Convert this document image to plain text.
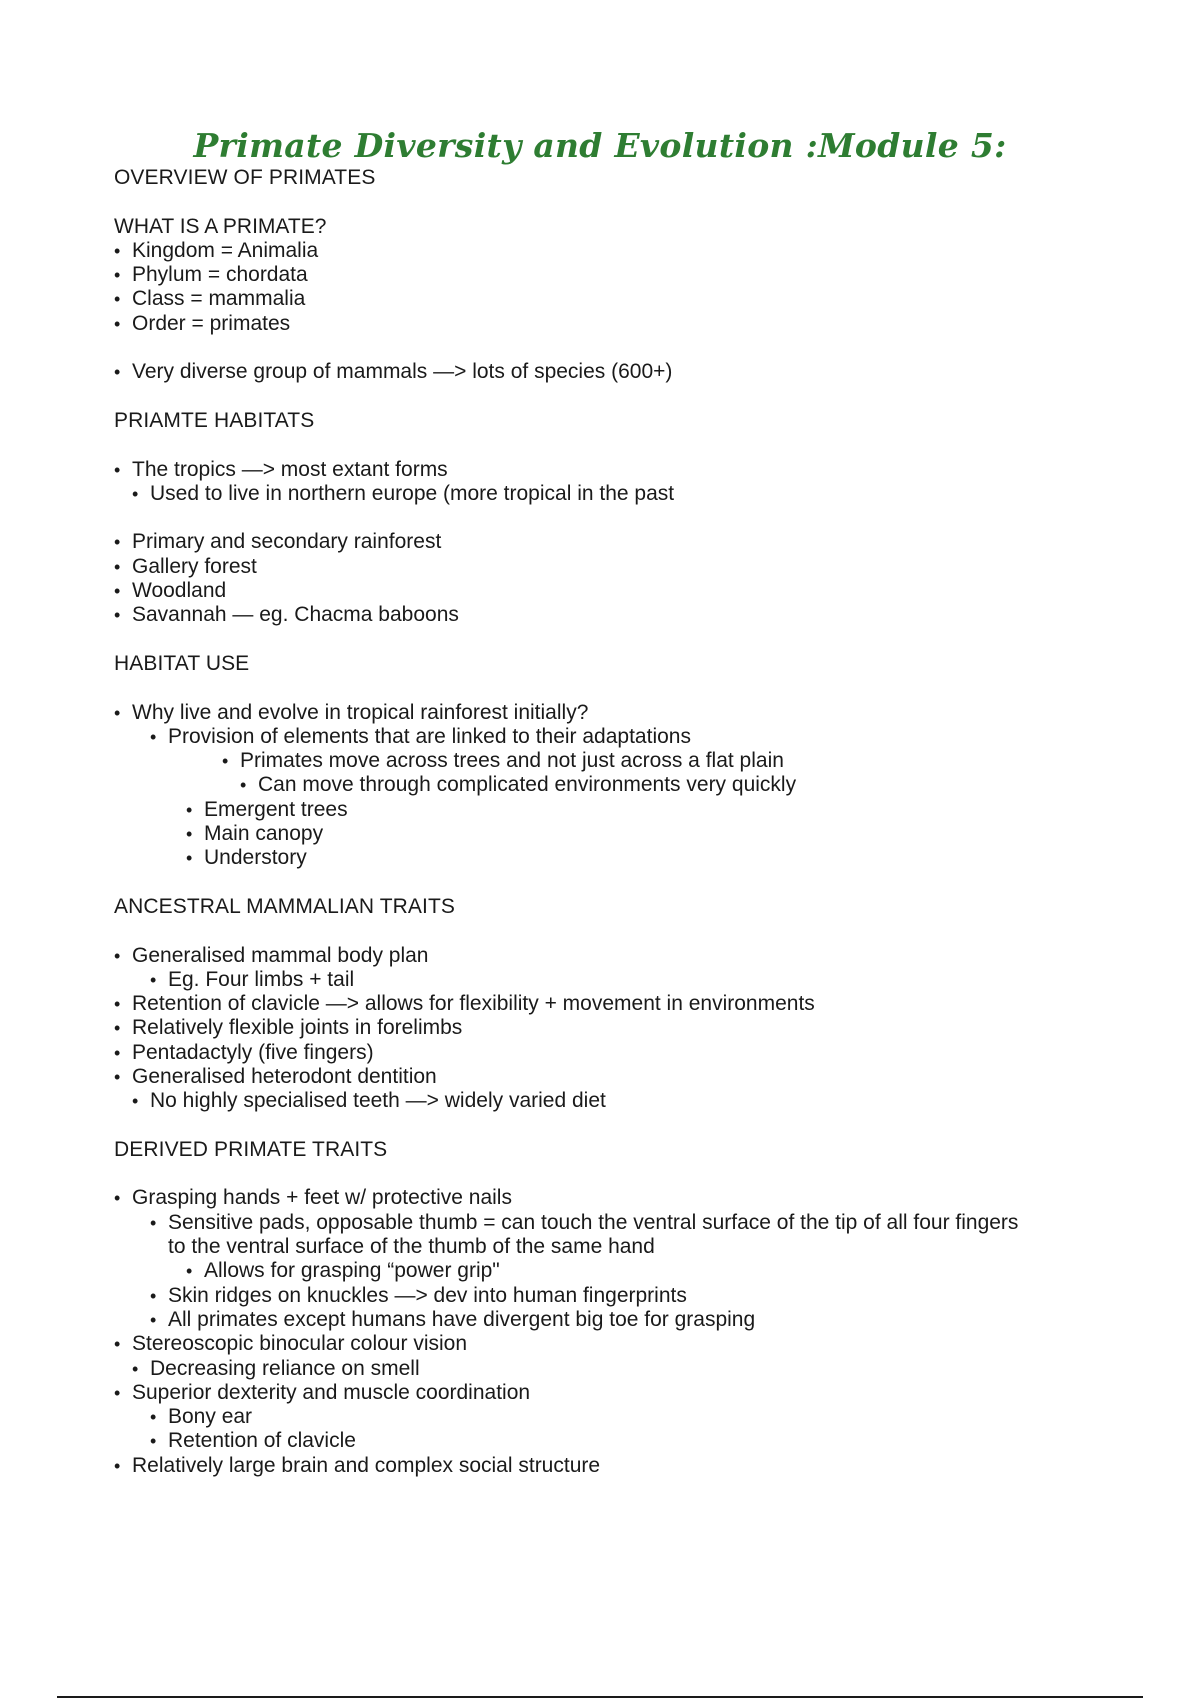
Primate Diversity and Evolution :Module 5:
OVERVIEW OF PRIMATES
WHAT IS A PRIMATE?
• Kingdom = Animalia
• Phylum = chordata
• Class = mammalia
• Order = primates
• Very diverse group of mammals —> lots of species (600+)
PRIAMTE HABITATS
• The tropics —> most extant forms
• Used to live in northern europe (more tropical in the past
• Primary and secondary rainforest
• Gallery forest
• Woodland
• Savannah — eg. Chacma baboons
HABITAT USE
• Why live and evolve in tropical rainforest initially?
• Provision of elements that are linked to their adaptations
• Primates move across trees and not just across a flat plain
• Can move through complicated environments very quickly
• Emergent trees
• Main canopy
• Understory
ANCESTRAL MAMMALIAN TRAITS
• Generalised mammal body plan
• Eg. Four limbs + tail
• Retention of clavicle —> allows for flexibility + movement in environments
• Relatively flexible joints in forelimbs
• Pentadactyly (five fingers)
• Generalised heterodont dentition
• No highly specialised teeth —> widely varied diet
DERIVED PRIMATE TRAITS
• Grasping hands + feet w/ protective nails
• Sensitive pads, opposable thumb = can touch the ventral surface of the tip of all four fingers
to the ventral surface of the thumb of the same hand
• Allows for grasping “power grip"
• Skin ridges on knuckles —> dev into human fingerprints
• All primates except humans have divergent big toe for grasping
• Stereoscopic binocular colour vision
• Decreasing reliance on smell
• Superior dexterity and muscle coordination
• Bony ear
• Retention of clavicle
• Relatively large brain and complex social structure
